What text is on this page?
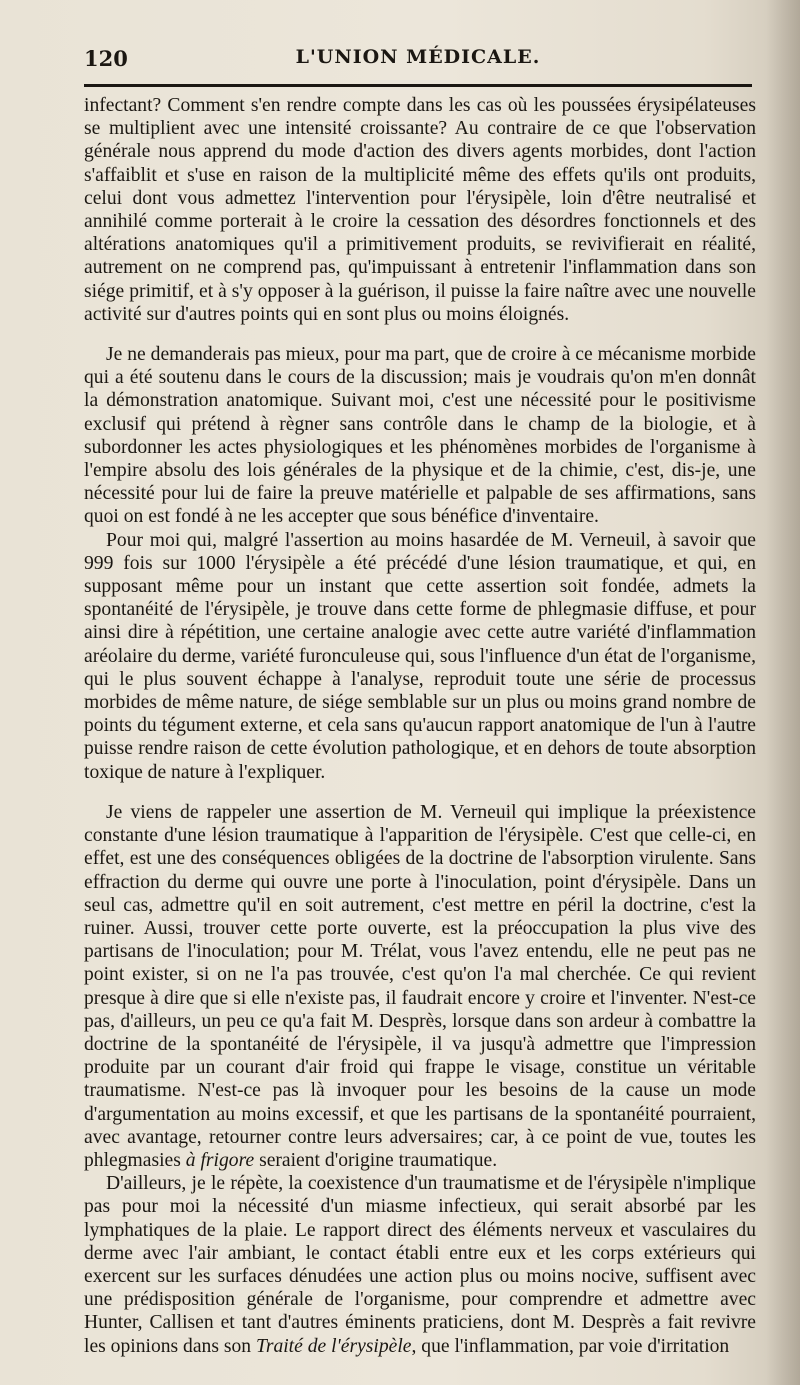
120	L'UNION MÉDICALE.

infectant? Comment s'en rendre compte dans les cas où les poussées érysipélateuses se multiplient avec une intensité croissante? Au contraire de ce que l'observation générale nous apprend du mode d'action des divers agents morbides, dont l'action s'affaiblit et s'use en raison de la multiplicité même des effets qu'ils ont produits, celui dont vous admettez l'intervention pour l'érysipèle, loin d'être neutralisé et annihilé comme porterait à le croire la cessation des désordres fonctionnels et des altérations anatomiques qu'il a primitivement produits, se revivifierait en réalité, autrement on ne comprend pas, qu'impuissant à entretenir l'inflammation dans son siége primitif, et à s'y opposer à la guérison, il puisse la faire naître avec une nouvelle activité sur d'autres points qui en sont plus ou moins éloignés.

Je ne demanderais pas mieux, pour ma part, que de croire à ce mécanisme morbide qui a été soutenu dans le cours de la discussion; mais je voudrais qu'on m'en donnât la démonstration anatomique. Suivant moi, c'est une nécessité pour le positivisme exclusif qui prétend à règner sans contrôle dans le champ de la biologie, et à subordonner les actes physiologiques et les phénomènes morbides de l'organisme à l'empire absolu des lois générales de la physique et de la chimie, c'est, dis-je, une nécessité pour lui de faire la preuve matérielle et palpable de ses affirmations, sans quoi on est fondé à ne les accepter que sous bénéfice d'inventaire.

Pour moi qui, malgré l'assertion au moins hasardée de M. Verneuil, à savoir que 999 fois sur 1000 l'érysipèle a été précédé d'une lésion traumatique, et qui, en supposant même pour un instant que cette assertion soit fondée, admets la spontanéité de l'érysipèle, je trouve dans cette forme de phlegmasie diffuse, et pour ainsi dire à répétition, une certaine analogie avec cette autre variété d'inflammation aréolaire du derme, variété furonculeuse qui, sous l'influence d'un état de l'organisme, qui le plus souvent échappe à l'analyse, reproduit toute une série de processus morbides de même nature, de siége semblable sur un plus ou moins grand nombre de points du tégument externe, et cela sans qu'aucun rapport anatomique de l'un à l'autre puisse rendre raison de cette évolution pathologique, et en dehors de toute absorption toxique de nature à l'expliquer.

Je viens de rappeler une assertion de M. Verneuil qui implique la préexistence constante d'une lésion traumatique à l'apparition de l'érysipèle. C'est que celle-ci, en effet, est une des conséquences obligées de la doctrine de l'absorption virulente. Sans effraction du derme qui ouvre une porte à l'inoculation, point d'érysipèle. Dans un seul cas, admettre qu'il en soit autrement, c'est mettre en péril la doctrine, c'est la ruiner. Aussi, trouver cette porte ouverte, est la préoccupation la plus vive des partisans de l'inoculation; pour M. Trélat, vous l'avez entendu, elle ne peut pas ne point exister, si on ne l'a pas trouvée, c'est qu'on l'a mal cherchée. Ce qui revient presque à dire que si elle n'existe pas, il faudrait encore y croire et l'inventer. N'est-ce pas, d'ailleurs, un peu ce qu'a fait M. Desprès, lorsque dans son ardeur à combattre la doctrine de la spontanéité de l'érysipèle, il va jusqu'à admettre que l'impression produite par un courant d'air froid qui frappe le visage, constitue un véritable traumatisme. N'est-ce pas là invoquer pour les besoins de la cause un mode d'argumentation au moins excessif, et que les partisans de la spontanéité pourraient, avec avantage, retourner contre leurs adversaires; car, à ce point de vue, toutes les phlegmasies à frigore seraient d'origine traumatique.

D'ailleurs, je le répète, la coexistence d'un traumatisme et de l'érysipèle n'implique pas pour moi la nécessité d'un miasme infectieux, qui serait absorbé par les lymphatiques de la plaie. Le rapport direct des éléments nerveux et vasculaires du derme avec l'air ambiant, le contact établi entre eux et les corps extérieurs qui exercent sur les surfaces dénudées une action plus ou moins nocive, suffisent avec une prédisposition générale de l'organisme, pour comprendre et admettre avec Hunter, Callisen et tant d'autres éminents praticiens, dont M. Desprès a fait revivre les opinions dans son Traité de l'érysipèle, que l'inflammation, par voie d'irritation
